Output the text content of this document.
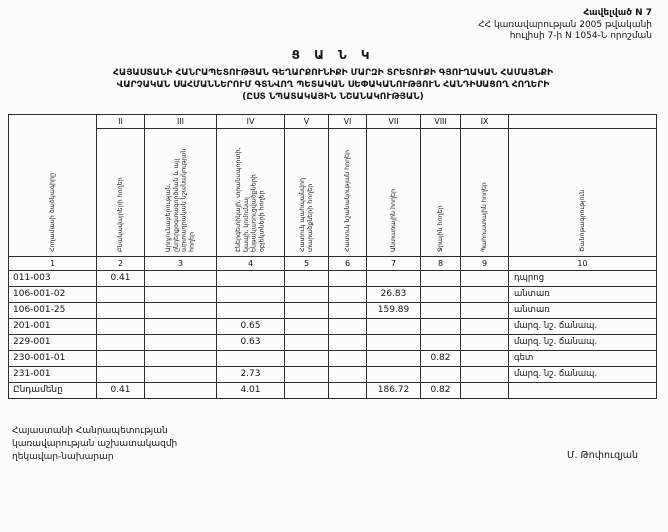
Հավելված N 7
ՀՀ կառավարության 2005 թվականի
հուլիսի 7-ի N 1054-Ն որոշման
Ց Ա Ն Կ
ՀԱՅԱՍՏԱՆԻ ՀԱՆՐԱՊԵՏՈՒԹՅԱՆ ԳԵՂԱՐՔՈՒՆԻՔԻ ՄԱՐԶԻ ՏՐԵՏՈՒՔԻ ԳՅՈՒՂԱԿԱՆ ՀԱՄԱՅՆՔԻ
ՎԱՐՉԱԿԱՆ ՍԱՀՄԱՆՆԵՐՈՒՄ ԳՏՆՎՈՂ ՊԵՏԱԿԱՆ ՍԵՓԱԿԱՆՈՒԹՅՈՒՆ ՀԱՆԴԻՍԱՑՈՂ ՀՈՂԵՐԻ
(ԸՍՏ ՆՊԱՏԱԿԱՅԻՆ ՆՇԱՆԱԿՈՒԹՅԱՆ)
Հողամասի ծածկագիրը	II	III	IV	V	VI	VII	VIII	IX	
	Բնակավայրերի հողեր	Արդյունաբերության, ընդերքօգտագործման և այլ արտադրական նշանակության հողեր	Էներգետիկայի, տրանսպորտի, կապի, կոմունալ ենթակառուցվածքների օբյեկտների հողեր	Հատուկ պահպանվող տարածքների հողեր	Հատուկ նշանակության հողեր	Անտառային հողեր	Ջրային հողեր	Պահուստային հողեր	Ծանոթագրություն
1	2	3	4	5	6	7	8	9	10
011-003	0.41								դպրոց
106-001-02						26.83			անտառ
106-001-25						159.89			անտառ
201-001			0.65						մարզ. նշ. ճանապ.
229-001			0.63						մարզ. նշ. ճանապ.
230-001-01							0.82		գետ
231-001			2.73						մարզ. նշ. ճանապ.
Ընդամենը	0.41		4.01			186.72	0.82		
Հայաստանի Հանրապետության
կառավարության աշխատակազմի
ղեկավար-նախարար	Մ. Թոփուզյան
